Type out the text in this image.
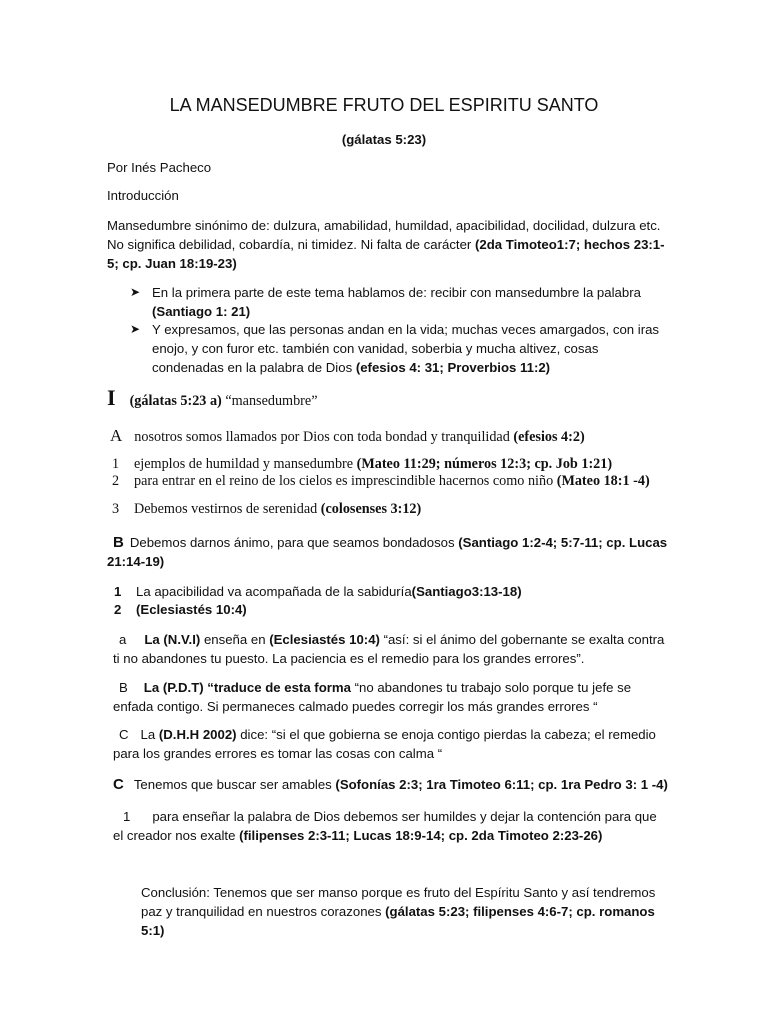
LA MANSEDUMBRE FRUTO DEL ESPIRITU SANTO
(gálatas 5:23)
Por Inés Pacheco
Introducción
Mansedumbre sinónimo de: dulzura, amabilidad, humildad, apacibilidad, docilidad, dulzura etc. No significa debilidad, cobardía, ni timidez. Ni falta de carácter (2da Timoteo1:7; hechos 23:1-5; cp. Juan 18:19-23)
➤ En la primera parte de este tema hablamos de: recibir con mansedumbre la palabra (Santiago 1: 21)
➤ Y expresamos, que las personas andan en la vida; muchas veces amargados, con iras enojo, y con furor etc. también con vanidad, soberbia y mucha altivez, cosas condenadas en la palabra de Dios (efesios 4: 31; Proverbios 11:2)
I (gálatas 5:23 a) “mansedumbre”
A nosotros somos llamados por Dios con toda bondad y tranquilidad (efesios 4:2)
1 ejemplos de humildad y mansedumbre (Mateo 11:29; números 12:3; cp. Job 1:21)
2 para entrar en el reino de los cielos es imprescindible hacernos como niño (Mateo 18:1 -4)
3 Debemos vestirnos de serenidad (colosenses 3:12)
B Debemos darnos ánimo, para que seamos bondadosos (Santiago 1:2-4; 5:7-11; cp. Lucas 21:14-19)
1 La apacibilidad va acompañada de la sabiduría(Santiago3:13-18)
2 (Eclesiastés 10:4)
a La (N.V.I) enseña en (Eclesiastés 10:4) “así: si el ánimo del gobernante se exalta contra ti no abandones tu puesto. La paciencia es el remedio para los grandes errores”.
B La (P.D.T) “traduce de esta forma “no abandones tu trabajo solo porque tu jefe se enfada contigo. Si permaneces calmado puedes corregir los más grandes errores “
C La (D.H.H 2002) dice: “si el que gobierna se enoja contigo pierdas la cabeza; el remedio para los grandes errores es tomar las cosas con calma “
C Tenemos que buscar ser amables (Sofonías 2:3; 1ra Timoteo 6:11; cp. 1ra Pedro 3: 1 -4)
1 para enseñar la palabra de Dios debemos ser humildes y dejar la contención para que el creador nos exalte (filipenses 2:3-11; Lucas 18:9-14; cp. 2da Timoteo 2:23-26)
Conclusión: Tenemos que ser manso porque es fruto del Espíritu Santo y así tendremos paz y tranquilidad en nuestros corazones (gálatas 5:23; filipenses 4:6-7; cp. romanos 5:1)
